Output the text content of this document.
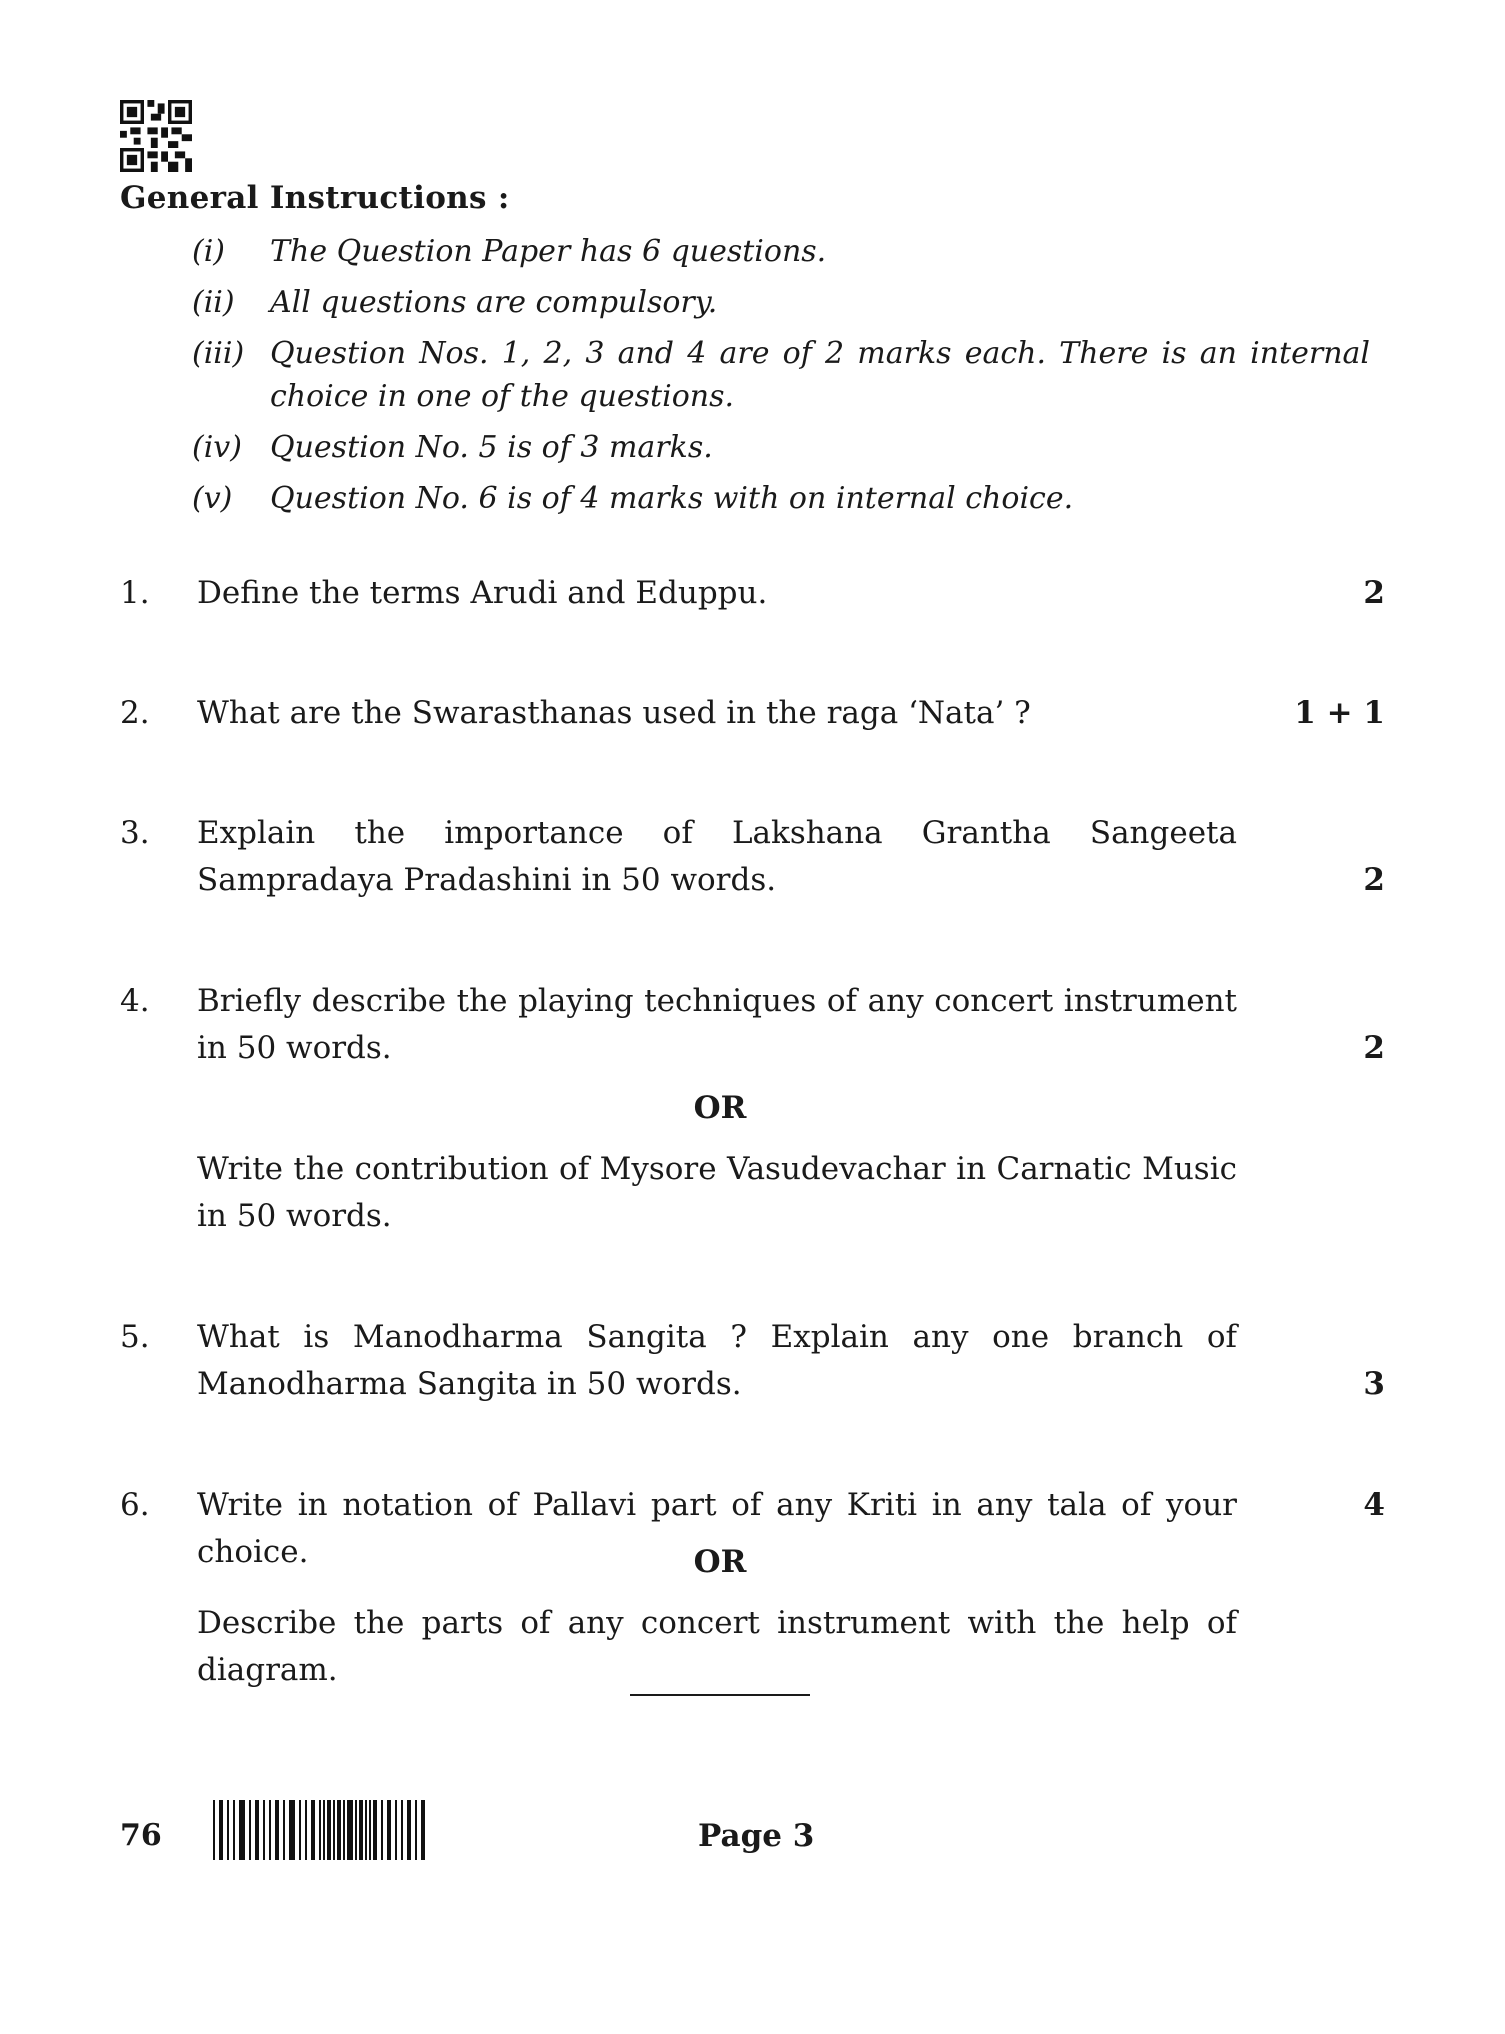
General Instructions :
(i) The Question Paper has 6 questions.
(ii) All questions are compulsory.
(iii) Question Nos. 1, 2, 3 and 4 are of 2 marks each. There is an internal choice in one of the questions.
(iv) Question No. 5 is of 3 marks.
(v) Question No. 6 is of 4 marks with on internal choice.
1. Define the terms Arudi and Eduppu.	2
2. What are the Swarasthanas used in the raga ‘Nata’ ?	1 + 1
3. Explain the importance of Lakshana Grantha Sangeeta Sampradaya Pradashini in 50 words.	2
4. Briefly describe the playing techniques of any concert instrument in 50 words.	2
OR
Write the contribution of Mysore Vasudevachar in Carnatic Music in 50 words.
5. What is Manodharma Sangita ? Explain any one branch of Manodharma Sangita in 50 words.	3
6. Write in notation of Pallavi part of any Kriti in any tala of your choice.
4
OR
Describe the parts of any concert instrument with the help of diagram.
76	Page 3
